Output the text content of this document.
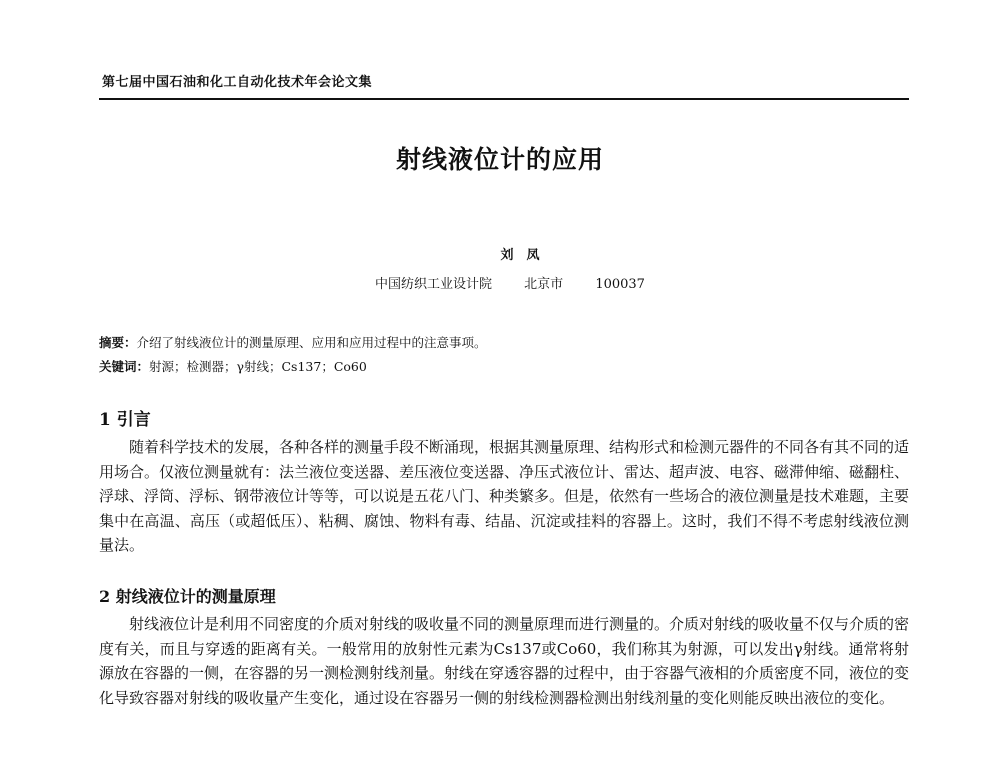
第七届中国石油和化工自动化技术年会论文集
射线液位计的应用
刘　凤
中国纺织工业设计院 北京市 100037
摘要：介绍了射线液位计的测量原理、应用和应用过程中的注意事项。
关键词：射源；检测器；γ射线；Cs137；Co60
1 引言

随着科学技术的发展，各种各样的测量手段不断涌现，根据其测量原理、结构形式和检测元器件的不同各有其不同的适用场合。仅液位测量就有：法兰液位变送器、差压液位变送器、净压式液位计、雷达、超声波、电容、磁滞伸缩、磁翻柱、浮球、浮筒、浮标、钢带液位计等等，可以说是五花八门、种类繁多。但是，依然有一些场合的液位测量是技术难题，主要集中在高温、高压（或超低压）、粘稠、腐蚀、物料有毒、结晶、沉淀或挂料的容器上。这时，我们不得不考虑射线液位测量法。

2 射线液位计的测量原理

射线液位计是利用不同密度的介质对射线的吸收量不同的测量原理而进行测量的。介质对射线的吸收量不仅与介质的密度有关，而且与穿透的距离有关。一般常用的放射性元素为Cs137或Co60，我们称其为射源，可以发出γ射线。通常将射源放在容器的一侧，在容器的另一测检测射线剂量。射线在穿透容器的过程中，由于容器气液相的介质密度不同，液位的变化导致容器对射线的吸收量产生变化，通过设在容器另一侧的射线检测器检测出射线剂量的变化则能反映出液位的变化。
